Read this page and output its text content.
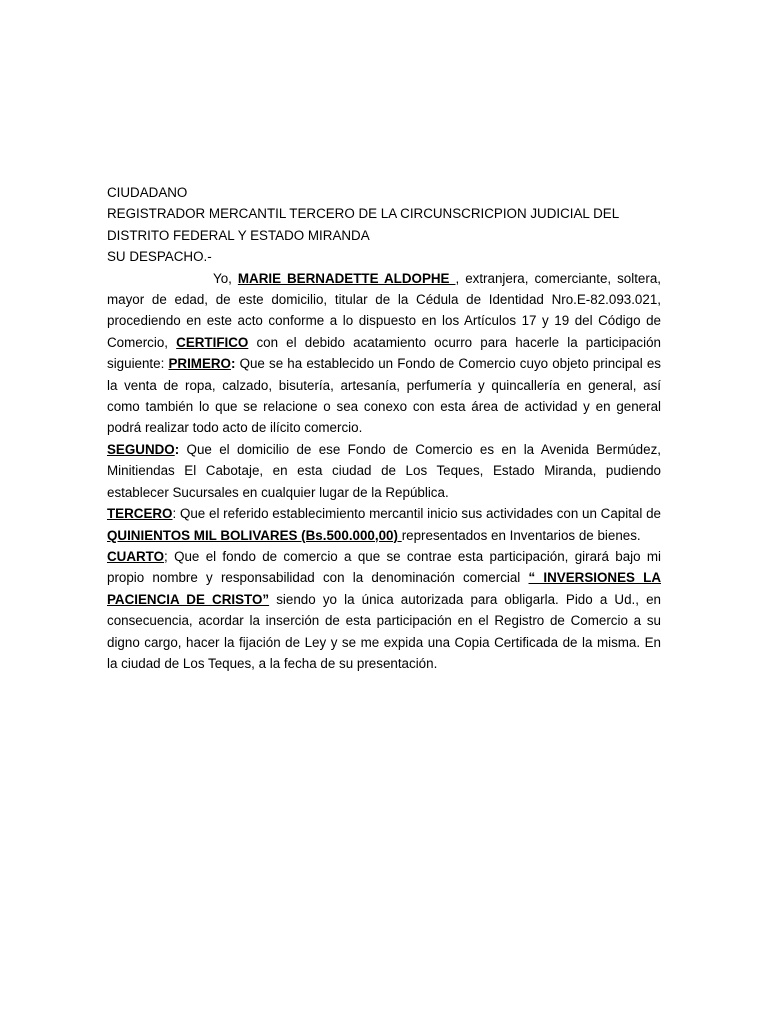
CIUDADANO
REGISTRADOR MERCANTIL TERCERO DE LA CIRCUNSCRICPION JUDICIAL DEL
DISTRITO FEDERAL Y ESTADO MIRANDA
SU DESPACHO.-

Yo, MARIE BERNADETTE ALDOPHE , extranjera, comerciante, soltera, mayor de edad, de este domicilio, titular de la Cédula de Identidad Nro.E-82.093.021, procediendo en este acto conforme a lo dispuesto en los Artículos 17 y 19 del Código de Comercio, CERTIFICO con el debido acatamiento ocurro para hacerle la participación siguiente: PRIMERO: Que se ha establecido un Fondo de Comercio cuyo objeto principal es la venta de ropa, calzado, bisutería, artesanía, perfumería y quincallería en general, así como también lo que se relacione o sea conexo con esta área de actividad y en general podrá realizar todo acto de ilícito comercio.

SEGUNDO: Que el domicilio de ese Fondo de Comercio es en la Avenida Bermúdez, Minitiendas El Cabotaje, en esta ciudad de Los Teques, Estado Miranda, pudiendo establecer Sucursales en cualquier lugar de la República.

TERCERO: Que el referido establecimiento mercantil inicio sus actividades con un Capital de QUINIENTOS MIL BOLIVARES (Bs.500.000,00) representados en Inventarios de bienes.

CUARTO; Que el fondo de comercio a que se contrae esta participación, girará bajo mi propio nombre y responsabilidad con la denominación comercial “ INVERSIONES LA PACIENCIA DE CRISTO” siendo yo la única autorizada para obligarla. Pido a Ud., en consecuencia, acordar la inserción de esta participación en el Registro de Comercio a su digno cargo, hacer la fijación de Ley y se me expida una Copia Certificada de la misma. En la ciudad de Los Teques, a la fecha de su presentación.
